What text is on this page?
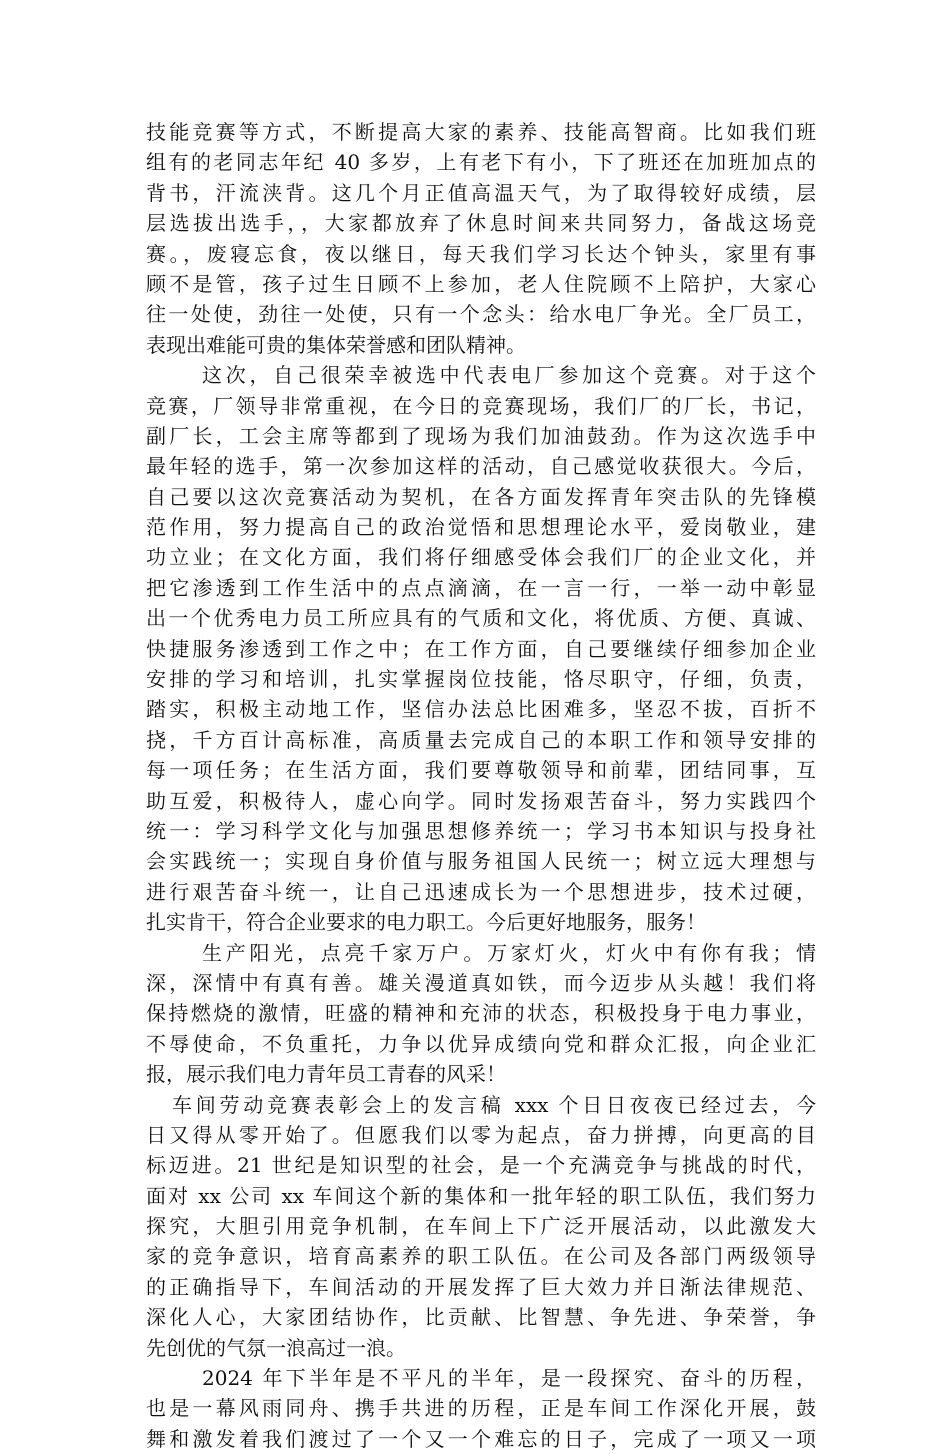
技能竞赛等方式，不断提高大家的素养、技能高智商。比如我们班
组有的老同志年纪 40 多岁，上有老下有小，下了班还在加班加点的
背书，汗流浃背。这几个月正值高温天气，为了取得较好成绩，层
层选拔出选手，，大家都放弃了休息时间来共同努力，备战这场竞
赛。，废寝忘食，夜以继日，每天我们学习长达个钟头，家里有事
顾不是管，孩子过生日顾不上参加，老人住院顾不上陪护，大家心
往一处使，劲往一处使，只有一个念头：给水电厂争光。全厂员工，
表现出难能可贵的集体荣誉感和团队精神。
这次，自己很荣幸被选中代表电厂参加这个竞赛。对于这个
竞赛，厂领导非常重视，在今日的竞赛现场，我们厂的厂长，书记，
副厂长，工会主席等都到了现场为我们加油鼓劲。作为这次选手中
最年轻的选手，第一次参加这样的活动，自己感觉收获很大。今后，
自己要以这次竞赛活动为契机，在各方面发挥青年突击队的先锋模
范作用，努力提高自己的政治觉悟和思想理论水平，爱岗敬业，建
功立业；在文化方面，我们将仔细感受体会我们厂的企业文化，并
把它渗透到工作生活中的点点滴滴，在一言一行，一举一动中彰显
出一个优秀电力员工所应具有的气质和文化，将优质、方便、真诚、
快捷服务渗透到工作之中；在工作方面，自己要继续仔细参加企业
安排的学习和培训，扎实掌握岗位技能，恪尽职守，仔细，负责，
踏实，积极主动地工作，坚信办法总比困难多，坚忍不拔，百折不
挠，千方百计高标准，高质量去完成自己的本职工作和领导安排的
每一项任务；在生活方面，我们要尊敬领导和前辈，团结同事，互
助互爱，积极待人，虚心向学。同时发扬艰苦奋斗，努力实践四个
统一：学习科学文化与加强思想修养统一；学习书本知识与投身社
会实践统一；实现自身价值与服务祖国人民统一；树立远大理想与
进行艰苦奋斗统一，让自己迅速成长为一个思想进步，技术过硬，
扎实肯干，符合企业要求的电力职工。今后更好地服务，服务！
生产阳光，点亮千家万户。万家灯火，灯火中有你有我；情
深，深情中有真有善。雄关漫道真如铁，而今迈步从头越！我们将
保持燃烧的激情，旺盛的精神和充沛的状态，积极投身于电力事业，
不辱使命，不负重托，力争以优异成绩向党和群众汇报，向企业汇
报，展示我们电力青年员工青春的风采！
车间劳动竞赛表彰会上的发言稿 xxx 个日日夜夜已经过去，今
日又得从零开始了。但愿我们以零为起点，奋力拼搏，向更高的目
标迈进。21 世纪是知识型的社会，是一个充满竞争与挑战的时代，
面对 xx 公司 xx 车间这个新的集体和一批年轻的职工队伍，我们努力
探究，大胆引用竞争机制，在车间上下广泛开展活动，以此激发大
家的竞争意识，培育高素养的职工队伍。在公司及各部门两级领导
的正确指导下，车间活动的开展发挥了巨大效力并日渐法律规范、
深化人心，大家团结协作，比贡献、比智慧、争先进、争荣誉，争
先创优的气氛一浪高过一浪。
2024 年下半年是不平凡的半年，是一段探究、奋斗的历程，
也是一幕风雨同舟、携手共进的历程，正是车间工作深化开展，鼓
舞和激发着我们渡过了一个又一个难忘的日子，完成了一项又一项
